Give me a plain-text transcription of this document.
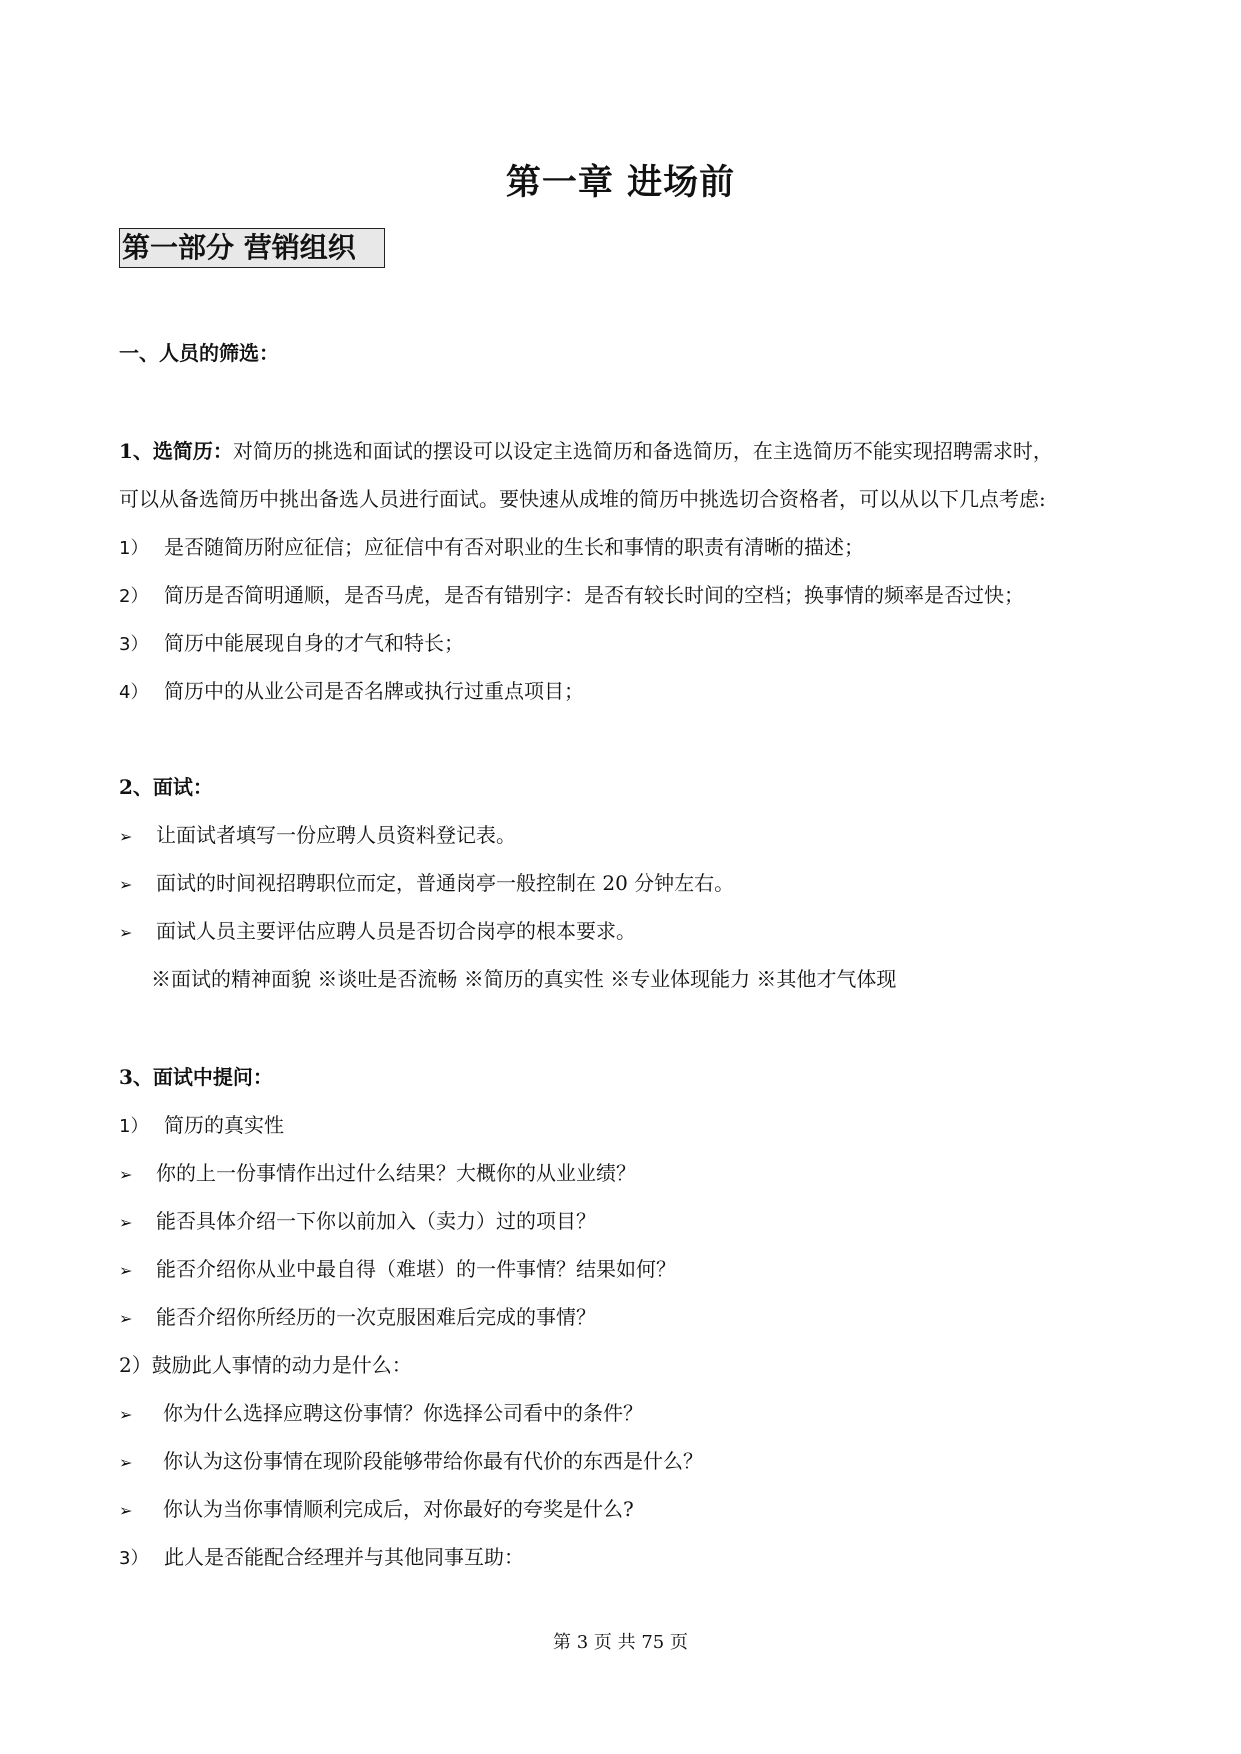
第一章 进场前
第一部分 营销组织
一、人员的筛选：
1、选简历：对简历的挑选和面试的摆设可以设定主选简历和备选简历，在主选简历不能实现招聘需求时，
可以从备选简历中挑出备选人员进行面试。要快速从成堆的简历中挑选切合资格者，可以从以下几点考虑:
1） 是否随简历附应征信；应征信中有否对职业的生长和事情的职责有清晰的描述；
2） 简历是否简明通顺，是否马虎，是否有错别字：是否有较长时间的空档；换事情的频率是否过快；
3） 简历中能展现自身的才气和特长；
4） 简历中的从业公司是否名牌或执行过重点项目；
2、面试：
➢ 让面试者填写一份应聘人员资料登记表。
➢ 面试的时间视招聘职位而定，普通岗亭一般控制在 20 分钟左右。
➢ 面试人员主要评估应聘人员是否切合岗亭的根本要求。
※面试的精神面貌 ※谈吐是否流畅 ※简历的真实性 ※专业体现能力 ※其他才气体现
3、面试中提问：
1） 简历的真实性
➢ 你的上一份事情作出过什么结果？大概你的从业业绩？
➢ 能否具体介绍一下你以前加入（卖力）过的项目？
➢ 能否介绍你从业中最自得（难堪）的一件事情？结果如何？
➢ 能否介绍你所经历的一次克服困难后完成的事情？
2）鼓励此人事情的动力是什么：
➢ 你为什么选择应聘这份事情？你选择公司看中的条件？
➢ 你认为这份事情在现阶段能够带给你最有代价的东西是什么？
➢ 你认为当你事情顺利完成后，对你最好的夸奖是什么?
3） 此人是否能配合经理并与其他同事互助：
第 3 页 共 75 页
